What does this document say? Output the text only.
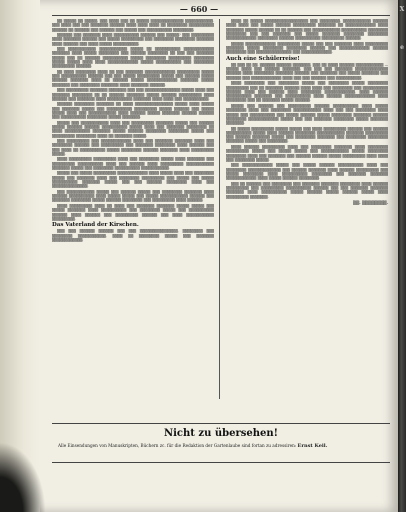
— 660 —

▒▒ ▒▒▒▒▒ ▒▒ ▒▒▒▒▒, ▒▒▒ ▒▒▒▒ ▒▒▒ ▒▒ ▒▒▒▒▒ ▒▒▒▒▒▒▒▒▒▒▒▒▒ ▒▒▒▒▒▒▒▒▒▒▒. ▒▒▒ ▒▒▒▒ ▒▒▒ ▒▒▒ ▒▒▒▒▒▒▒ ▒▒▒▒▒▒ ▒▒▒▒ ▒▒▒▒ ▒▒▒▒ ▒▒ ▒▒▒▒▒▒▒▒ ▒▒▒▒▒▒▒▒▒▒ ▒▒▒▒▒▒ ▒▒ ▒▒▒▒▒▒ ▒▒▒ ▒▒▒▒▒▒ ▒▒▒ ▒▒▒▒▒ ▒▒▒ ▒▒▒▒▒▒▒▒▒▒ ▒▒▒▒▒▒▒▒.

▒▒▒▒▒▒ ▒▒▒ ▒▒▒▒▒▒▒ ▒▒▒▒ ▒▒▒▒▒▒▒▒▒▒ ▒▒▒▒▒▒ ▒▒▒ ▒▒▒▒▒? ▒▒▒ ▒▒▒▒▒▒▒▒▒ ▒▒▒▒ ▒▒▒▒▒▒▒ ▒▒▒▒▒▒ ▒▒▒ ▒▒▒▒▒ ▒▒▒▒▒▒▒▒▒ ▒▒▒ ▒▒▒▒▒▒▒▒ ▒▒▒▒▒▒▒▒ ▒▒▒▒▒▒▒ ▒▒▒▒ ▒▒▒▒▒▒ ▒▒▒ ▒▒▒▒ ▒▒▒▒▒ ▒▒▒▒▒▒▒▒▒▒.

▒▒▒ ▒▒▒▒▒▒▒▒▒▒▒ ▒▒▒▒▒▒▒▒▒▒▒ ▒▒▒▒▒ ▒▒ ▒▒▒▒▒▒▒▒▒▒ ▒▒▒▒▒▒▒▒▒▒▒▒ ▒▒▒▒▒▒▒ ▒▒▒▒ ▒▒▒▒▒ ▒▒▒▒▒▒▒▒ ▒▒▒ ▒▒▒▒▒▒ ▒▒▒▒▒▒▒▒ ▒▒ ▒▒▒ ▒▒▒ ▒▒▒▒▒▒▒ ▒▒▒▒▒ ▒▒▒ ▒▒ ▒▒▒▒▒▒ ▒▒▒▒▒▒▒▒▒▒ ▒▒▒▒▒ ▒▒▒▒▒▒▒▒ ▒▒▒▒▒▒▒▒▒ ▒▒▒▒▒▒▒▒ ▒▒▒▒▒ ▒▒▒▒▒ ▒▒▒▒ ▒▒▒▒ ▒▒▒▒▒▒▒▒▒▒▒▒ ▒▒▒▒▒ ▒▒▒▒▒▒▒▒▒▒ ▒▒▒ ▒▒▒▒▒▒▒▒ ▒▒▒▒▒▒▒▒▒ ▒▒▒▒▒▒.

▒▒ ▒▒▒▒ ▒▒▒▒▒▒▒▒ ▒▒▒▒ ▒▒ ▒▒▒ ▒▒▒▒▒▒▒ ▒▒▒▒▒▒▒▒▒▒▒▒ ▒▒▒▒▒▒▒▒▒ ▒▒▒▒▒ ▒▒▒ ▒▒▒▒▒▒▒▒▒▒ ▒▒▒▒▒▒ ▒▒▒ ▒▒▒ ▒▒▒▒▒ ▒▒▒▒▒▒▒▒▒ ▒▒▒▒▒ ▒▒▒ ▒▒▒▒▒▒ ▒▒▒▒▒ ▒▒▒▒▒▒ ▒▒▒▒▒▒▒ ▒▒▒▒ ▒▒ ▒▒▒▒▒▒ ▒▒▒▒▒ ▒▒▒▒▒▒▒▒▒▒▒▒ ▒▒▒▒▒▒▒ ▒▒▒▒▒ ▒▒▒▒▒▒▒ ▒▒▒ ▒▒▒▒▒▒▒▒ ▒▒▒▒▒▒▒ ▒▒▒▒ ▒▒▒▒▒▒▒ ▒▒▒▒▒▒.

▒▒▒ ▒▒▒▒▒▒▒▒▒ ▒▒▒▒▒▒▒ ▒▒▒▒▒▒▒ ▒▒▒ ▒▒▒ ▒▒▒▒▒▒▒▒▒▒▒▒▒▒ ▒▒▒▒▒ ▒▒▒▒ ▒▒▒ ▒▒▒▒▒▒▒ ▒▒▒▒▒▒▒▒ ▒▒ ▒▒ ▒▒▒▒▒▒ ▒▒▒▒▒▒▒ ▒▒▒▒▒ ▒▒▒▒▒▒ ▒▒▒▒▒▒▒▒▒ ▒▒▒▒ ▒▒▒▒▒▒ ▒▒▒ ▒▒▒▒▒▒▒ ▒▒▒▒ ▒▒▒▒▒▒▒▒▒▒ ▒▒▒▒▒▒▒ ▒▒▒▒ ▒▒▒▒ ▒▒▒ ▒▒▒▒▒▒▒▒▒▒.

▒▒▒▒▒▒ ▒▒▒▒▒▒▒▒ ▒▒▒▒▒▒▒ ▒▒ ▒▒▒▒ ▒▒▒▒▒▒▒▒▒▒▒▒▒▒▒ ▒▒▒▒▒ ▒▒▒▒ ▒▒▒▒▒ ▒▒▒ ▒▒▒▒▒▒▒ ▒▒▒▒▒ ▒▒▒ ▒▒▒▒▒▒▒▒▒▒ ▒▒▒▒▒▒▒▒▒ ▒▒▒▒▒ ▒▒▒▒▒▒ ▒▒▒ ▒▒▒▒▒ ▒▒▒▒▒ ▒▒▒▒ ▒▒▒ ▒▒▒▒▒▒▒▒▒▒▒ ▒▒▒▒ ▒▒▒▒▒▒ ▒▒▒▒▒ ▒▒▒▒▒▒▒ ▒▒▒▒▒▒ ▒▒▒▒▒▒ ▒▒▒ ▒▒▒▒▒▒▒▒▒▒ ▒▒▒▒▒▒▒▒ ▒▒▒▒▒ ▒▒▒▒▒▒▒.

▒▒▒▒▒ ▒▒▒ ▒▒▒▒▒▒▒▒▒▒▒ ▒▒▒▒ ▒▒▒ ▒▒▒▒▒▒▒▒▒ ▒▒▒▒▒▒▒ ▒▒▒▒▒ ▒▒▒ ▒▒▒▒▒▒ ▒▒▒▒▒ ▒▒▒▒▒▒ ▒▒▒▒▒▒ ▒▒▒▒▒▒▒▒▒▒ ▒▒▒▒▒ ▒▒▒▒ ▒▒▒ ▒▒▒▒▒▒▒ ▒▒▒▒▒▒▒▒ ▒▒ ▒▒▒▒ ▒▒▒▒▒▒▒▒▒▒ ▒▒▒▒▒▒▒ ▒▒▒▒▒ ▒▒▒▒▒▒ ▒▒▒▒▒▒▒▒ ▒▒▒▒▒▒▒▒ ▒▒▒▒▒ ▒▒▒ ▒▒▒▒▒▒▒▒▒ ▒▒▒▒▒▒▒▒ ▒▒▒▒ ▒▒ ▒▒▒▒▒▒▒ ▒▒▒▒▒.

▒▒▒ ▒▒▒▒▒▒▒▒▒ ▒▒▒ ▒▒▒▒▒▒▒▒▒▒▒▒ ▒▒▒▒ ▒▒▒ ▒▒▒▒▒▒▒ ▒▒▒▒▒▒▒ ▒▒▒▒ ▒▒▒ ▒▒▒▒▒▒▒▒ ▒▒▒▒▒▒ ▒▒▒ ▒▒▒▒▒▒▒▒▒ ▒▒▒ ▒▒▒▒▒▒▒ ▒▒▒▒▒▒▒▒ ▒▒▒▒ ▒▒▒▒▒▒ ▒▒▒ ▒▒▒ ▒▒▒▒ ▒▒ ▒▒▒▒▒▒▒▒▒▒ ▒▒▒▒▒ ▒▒▒▒▒▒▒▒ ▒▒▒▒▒▒ ▒▒▒▒▒▒▒ ▒▒▒▒ ▒▒▒▒▒▒▒▒▒ ▒▒▒▒▒.

▒▒▒▒ ▒▒▒▒▒▒▒▒▒ ▒▒▒▒▒▒▒▒▒ ▒▒▒▒ ▒▒▒ ▒▒▒▒▒▒▒▒ ▒▒▒▒▒ ▒▒▒▒ ▒▒▒▒▒▒▒ ▒▒▒ ▒▒▒▒▒▒▒▒▒ ▒▒▒▒▒▒▒▒▒▒ ▒▒▒▒ ▒▒▒ ▒▒▒▒▒▒ ▒▒▒▒ ▒▒▒▒▒▒▒▒▒ ▒▒▒▒▒▒▒▒▒▒▒ ▒▒▒▒▒▒▒ ▒▒▒▒▒ ▒▒▒ ▒▒▒▒▒▒▒▒ ▒▒▒▒▒▒▒▒▒▒ ▒▒▒▒▒▒▒▒▒▒▒.

▒▒▒▒▒ ▒▒▒ ▒▒▒▒▒ ▒▒▒▒▒▒▒▒▒ ▒▒▒▒▒▒▒▒▒▒▒▒ ▒▒▒▒ ▒▒▒▒▒ ▒▒▒▒ ▒▒▒ ▒▒▒▒▒▒▒▒ ▒▒▒▒▒ ▒▒▒ ▒▒▒▒▒▒▒ ▒▒▒▒ ▒▒▒ ▒▒▒▒▒▒▒▒ ▒▒▒▒▒▒▒▒▒ ▒▒▒ ▒▒▒▒▒ ▒▒▒ ▒▒▒▒▒ ▒▒▒▒▒▒▒▒▒▒ ▒▒▒▒▒▒▒ ▒▒▒▒▒ ▒▒▒ ▒▒▒ ▒▒▒▒▒▒ ▒▒▒▒▒▒▒▒ ▒▒▒▒ ▒▒▒ ▒▒▒▒▒▒▒▒▒▒▒▒▒▒.

▒▒▒ ▒▒▒▒▒▒▒▒▒▒▒ ▒▒▒▒▒ ▒▒▒ ▒▒▒▒▒▒ ▒▒▒▒▒ ▒▒▒ ▒▒▒▒▒▒▒▒ ▒▒▒▒▒▒▒ ▒▒▒▒ ▒▒▒▒▒▒ ▒▒▒▒▒▒▒▒▒▒ ▒▒▒▒ ▒▒▒▒▒ ▒▒▒▒▒ ▒▒▒ ▒▒▒▒▒ ▒▒▒▒▒▒▒▒▒▒▒ ▒▒▒▒▒▒ ▒▒▒ ▒▒▒▒▒▒▒ ▒▒▒▒▒▒▒▒ ▒▒▒▒▒ ▒▒▒▒▒▒ ▒▒▒▒▒▒▒▒ ▒▒▒ ▒▒▒▒▒▒▒▒▒ ▒▒▒▒ ▒▒▒▒▒▒.

▒▒▒▒ ▒▒▒▒▒▒▒▒▒ ▒▒▒▒ ▒▒ ▒▒▒▒ ▒▒▒ ▒▒▒▒▒▒▒ ▒▒▒▒▒▒▒ ▒▒▒▒▒ ▒▒▒▒▒ ▒▒▒ ▒▒▒▒▒ ▒▒▒▒▒▒▒ ▒▒▒▒ ▒▒▒▒▒▒▒▒▒▒ ▒▒▒ ▒▒▒▒▒▒▒▒ ▒▒▒▒▒ ▒▒▒ ▒▒▒▒▒▒▒▒▒▒ ▒▒▒▒▒▒ ▒▒▒▒ ▒▒▒▒▒▒ ▒▒▒ ▒▒▒▒▒▒▒▒▒ ▒▒▒▒▒▒ ▒▒▒ ▒▒▒▒ ▒▒▒▒▒▒▒▒▒▒▒ ▒▒▒▒▒▒▒▒▒.

Das Vaterland der Kirschen.

▒▒▒ ▒▒▒ ▒▒▒▒▒▒ ▒▒▒▒▒▒ ▒▒▒ ▒▒▒ ▒▒▒▒▒▒▒▒▒▒▒▒▒▒▒, ▒▒▒▒▒▒▒▒ ▒▒▒ ▒▒▒▒▒▒▒▒ ▒▒▒▒▒▒▒▒▒▒▒, ▒▒▒▒ ▒▒ ▒▒▒▒▒▒▒▒ ▒▒▒▒▒ ▒▒▒ ▒▒▒▒▒▒▒ ▒▒▒▒▒▒▒▒▒▒▒▒.

▒▒▒▒ ▒▒ ▒▒▒▒▒ ▒▒▒▒▒▒▒▒▒▒▒▒▒▒▒▒▒ ▒▒▒ ▒▒▒▒▒▒▒▒, ▒▒▒▒▒▒▒▒▒▒▒ ▒▒▒▒▒▒ ▒▒▒▒ ▒▒▒▒ ▒▒▒ ▒▒▒▒▒ ▒▒▒▒▒▒ ▒▒▒▒▒▒▒▒▒ ▒▒▒▒▒▒▒ ▒▒ ▒▒▒▒▒▒▒▒▒▒▒▒ ▒▒▒▒ ▒▒▒▒▒▒▒ ▒▒▒▒▒ ▒▒▒▒▒▒ ▒▒ ▒▒ ▒▒▒▒▒▒ ▒▒▒ ▒▒▒▒▒▒▒▒▒▒▒ ▒▒▒▒▒▒▒▒▒▒ ▒▒▒▒▒▒▒▒ ▒▒▒▒▒▒▒▒ ▒▒▒ ▒▒▒ ▒▒▒▒▒▒▒ ▒▒▒ ▒▒▒▒▒ ▒▒▒▒▒▒▒ ▒▒▒▒▒▒▒▒ ▒▒▒▒▒▒▒▒ ▒▒▒▒▒▒▒▒▒▒▒▒ ▒▒▒▒▒▒▒▒ ▒▒▒▒▒▒ ▒▒▒▒▒▒▒▒▒▒ ▒▒▒▒▒▒▒▒▒ ▒▒▒▒▒▒.

▒▒▒▒▒ ▒▒▒▒▒▒▒▒▒▒▒▒ ▒▒▒▒▒▒▒▒▒ ▒▒▒▒▒ ▒▒▒ ▒▒▒ ▒▒▒▒▒▒▒ ▒▒▒▒ ▒▒▒▒▒▒▒▒▒ ▒▒▒▒▒▒▒ ▒▒▒▒▒ ▒▒▒▒▒▒▒▒ ▒▒▒▒▒▒▒▒ ▒▒▒▒▒▒ ▒▒▒ ▒▒▒▒▒▒▒▒▒▒▒▒ ▒▒▒▒▒▒ ▒▒▒▒▒▒▒▒ ▒▒▒ ▒▒▒▒▒▒▒▒▒▒▒▒▒▒ ▒▒▒ ▒▒▒▒▒▒▒▒▒▒▒▒.

Auch eine Schülerreise!

▒▒ ▒▒▒ ▒▒ ▒▒. ▒▒▒▒▒▒ ▒▒▒▒▒▒ ▒▒▒▒▒▒▒, ▒▒▒ ▒▒ ▒▒▒▒ ▒▒▒▒▒▒ ▒▒▒▒▒▒▒▒▒▒▒ — ▒▒▒▒▒ ▒▒▒▒ ▒▒▒ ▒▒▒▒▒▒ ▒▒▒▒▒▒▒, ▒▒▒ ▒▒▒ ▒▒▒ ▒▒▒▒▒▒▒ ▒▒▒▒▒▒▒▒▒▒▒▒▒ ▒▒▒▒▒▒ ▒▒▒▒ ▒▒▒▒▒▒▒▒ ▒▒▒▒▒▒▒ ▒▒▒▒▒▒ ▒▒▒ ▒▒▒▒▒▒▒ ▒▒▒ ▒▒▒▒▒ ▒▒▒▒▒▒▒ ▒▒▒ ▒▒▒▒▒▒ ▒▒▒ ▒▒▒▒▒▒▒▒▒▒▒▒ ▒▒▒▒ ▒▒▒ ▒▒▒ ▒▒▒▒▒▒ ▒▒▒ ▒▒▒▒▒▒▒▒▒▒.

▒▒▒▒ ▒▒▒▒▒▒▒▒ ▒▒▒ ▒▒▒▒▒▒▒▒ ▒▒▒▒▒ ▒▒▒ ▒▒▒▒▒▒▒▒ ▒▒▒▒▒ ▒▒▒▒▒▒▒▒ ▒▒▒▒▒▒▒▒▒ ▒▒▒ ▒▒ ▒▒▒▒▒▒▒ ▒▒▒▒▒▒ ▒▒▒▒ ▒▒▒▒ ▒▒▒ ▒▒▒▒▒▒▒▒ ▒▒▒ ▒▒▒▒▒▒▒▒▒▒ ▒▒▒▒▒▒ ▒▒▒▒ ▒▒▒ ▒▒▒▒▒▒ ▒▒▒▒ ▒▒▒▒▒▒▒▒ ▒▒▒▒▒▒▒▒▒▒▒▒, ▒▒▒▒ ▒▒▒▒▒▒ ▒▒▒▒▒▒▒▒▒▒ ▒▒▒▒▒▒▒ ▒▒▒ ▒▒▒▒▒▒▒▒▒▒ ▒▒▒▒ ▒▒▒▒▒▒ ▒▒▒▒▒▒▒▒▒▒▒▒ ▒▒▒▒ ▒▒▒▒▒▒▒▒ ▒▒▒ ▒▒ ▒▒▒▒▒▒▒ ▒▒▒▒▒ ▒▒▒▒▒▒.

▒▒▒▒▒ ▒▒▒ ▒▒▒▒▒▒ ▒▒▒ ▒▒▒▒▒▒▒▒▒ ▒▒▒▒▒▒ ▒▒▒▒▒▒▒▒▒▒ ▒▒▒▒ ▒▒▒▒▒ ▒▒▒▒▒▒▒▒ ▒▒▒▒ ▒▒▒ ▒▒▒▒▒▒▒▒ ▒▒▒▒▒▒▒▒▒▒▒ ▒▒▒▒ ▒▒▒ ▒▒▒ ▒▒▒▒▒▒▒▒ ▒▒▒▒ ▒▒▒▒▒ ▒▒▒ ▒▒▒▒▒▒▒▒▒▒ ▒▒▒ ▒▒▒▒▒ ▒▒▒▒▒▒ ▒▒▒▒▒ ▒▒▒▒▒▒▒▒ ▒▒▒▒▒▒▒ ▒▒▒▒▒▒ ▒▒▒▒▒▒▒▒ ▒▒▒▒▒▒▒▒▒▒▒▒ ▒▒▒▒▒ ▒▒▒ ▒▒▒ ▒▒▒▒▒▒▒ ▒▒▒▒▒▒▒▒ ▒▒▒▒▒ ▒▒▒▒▒▒▒ ▒▒▒▒▒▒▒.

▒▒ ▒▒▒▒▒ ▒▒▒▒▒▒▒▒▒ ▒▒▒▒▒ ▒▒▒▒▒ ▒▒▒ ▒▒▒▒ ▒▒▒▒▒▒▒▒▒ ▒▒▒▒▒▒ ▒▒▒ ▒▒▒▒▒▒ ▒▒▒▒▒▒▒▒▒▒ ▒▒▒▒▒ ▒▒▒▒ ▒▒▒▒▒▒ ▒▒▒▒▒▒▒▒ ▒▒▒▒▒▒▒▒▒▒▒ ▒▒▒▒▒▒▒ ▒▒▒▒▒▒▒▒▒ ▒▒▒ ▒▒▒▒▒▒ ▒▒▒▒▒▒▒ ▒▒▒▒▒ ▒▒▒ ▒▒▒▒▒▒▒▒ ▒▒▒▒▒▒▒ ▒▒▒ ▒▒▒▒▒▒▒▒ ▒▒▒▒▒▒▒▒ ▒▒▒▒▒▒▒ ▒▒▒▒▒ ▒▒▒ ▒▒▒▒▒▒▒▒.

▒▒▒▒ ▒▒▒▒▒▒ ▒▒▒▒▒▒▒▒▒ ▒▒▒▒ ▒▒▒ ▒▒▒▒▒▒▒▒ ▒▒▒▒▒▒▒ ▒▒▒▒ ▒▒▒▒▒▒▒▒ ▒▒▒▒▒▒▒▒▒ ▒▒▒▒▒ ▒▒▒ ▒▒▒▒▒ ▒▒▒▒▒ ▒▒▒ ▒▒▒▒▒▒▒▒▒▒▒ ▒▒▒▒▒ ▒▒▒▒▒▒▒▒ ▒▒▒▒▒▒▒▒ ▒▒▒▒ ▒▒▒ ▒▒▒▒▒▒▒ ▒▒▒ ▒▒▒▒▒▒ ▒▒▒▒▒▒ ▒▒▒▒▒ ▒▒▒▒▒▒▒▒▒ ▒▒▒▒ ▒▒▒▒ ▒▒▒ ▒▒▒▒▒▒▒▒ ▒▒▒▒▒.

▒▒▒ ▒▒▒▒▒▒▒▒▒▒▒▒ ▒▒▒▒▒ ▒▒▒ ▒▒▒▒▒ ▒▒▒▒▒▒ ▒▒▒▒▒▒▒▒▒▒ ▒▒▒▒ ▒▒▒ ▒▒▒▒▒▒▒▒ ▒▒▒▒▒▒▒▒▒▒▒▒▒ ▒▒▒ ▒▒▒▒▒▒ ▒▒▒▒▒▒▒ ▒▒▒▒ ▒▒▒▒▒▒ ▒▒▒▒▒▒▒▒▒ ▒▒▒ ▒▒▒▒▒ ▒▒▒▒▒▒▒▒ ▒▒▒▒ ▒▒▒▒▒▒▒▒▒▒ ▒▒▒▒▒▒▒▒ ▒▒▒ ▒▒▒▒▒▒▒ ▒▒▒▒▒▒▒ ▒▒▒▒▒▒▒▒▒▒▒▒ ▒▒▒▒ ▒▒▒▒▒ ▒▒▒▒▒▒ ▒▒▒▒▒▒▒▒.

▒▒▒ ▒▒ ▒▒▒▒▒▒ ▒▒▒ ▒▒▒▒▒▒▒▒ ▒▒▒ ▒▒▒▒▒▒▒ ▒▒▒▒▒▒▒ ▒▒▒▒▒▒▒▒ ▒▒▒▒ ▒▒▒▒▒▒ ▒▒▒▒▒▒▒▒▒ ▒▒▒ ▒▒▒▒▒▒▒▒▒ ▒▒▒▒▒▒▒▒▒▒ ▒▒▒▒▒▒ ▒▒▒ ▒▒▒ ▒▒▒▒▒▒▒ ▒▒▒▒▒▒▒ ▒▒▒▒▒▒▒ ▒▒▒▒ ▒▒▒▒▒▒▒▒▒▒ ▒▒▒▒▒ ▒▒▒▒▒▒ ▒▒▒▒▒ ▒▒▒▒▒▒ ▒▒▒▒▒ ▒▒▒▒ ▒▒▒▒▒▒▒▒▒ ▒▒▒▒▒▒▒.

▒▒. ▒▒▒▒▒▒▒▒.
Nicht zu übersehen!
Alle Einsendungen von Manuskripten, Büchern zc. für die Redaktion der Gartenlaube sind fortan zu adressiren: Ernst Keil.
X
e
